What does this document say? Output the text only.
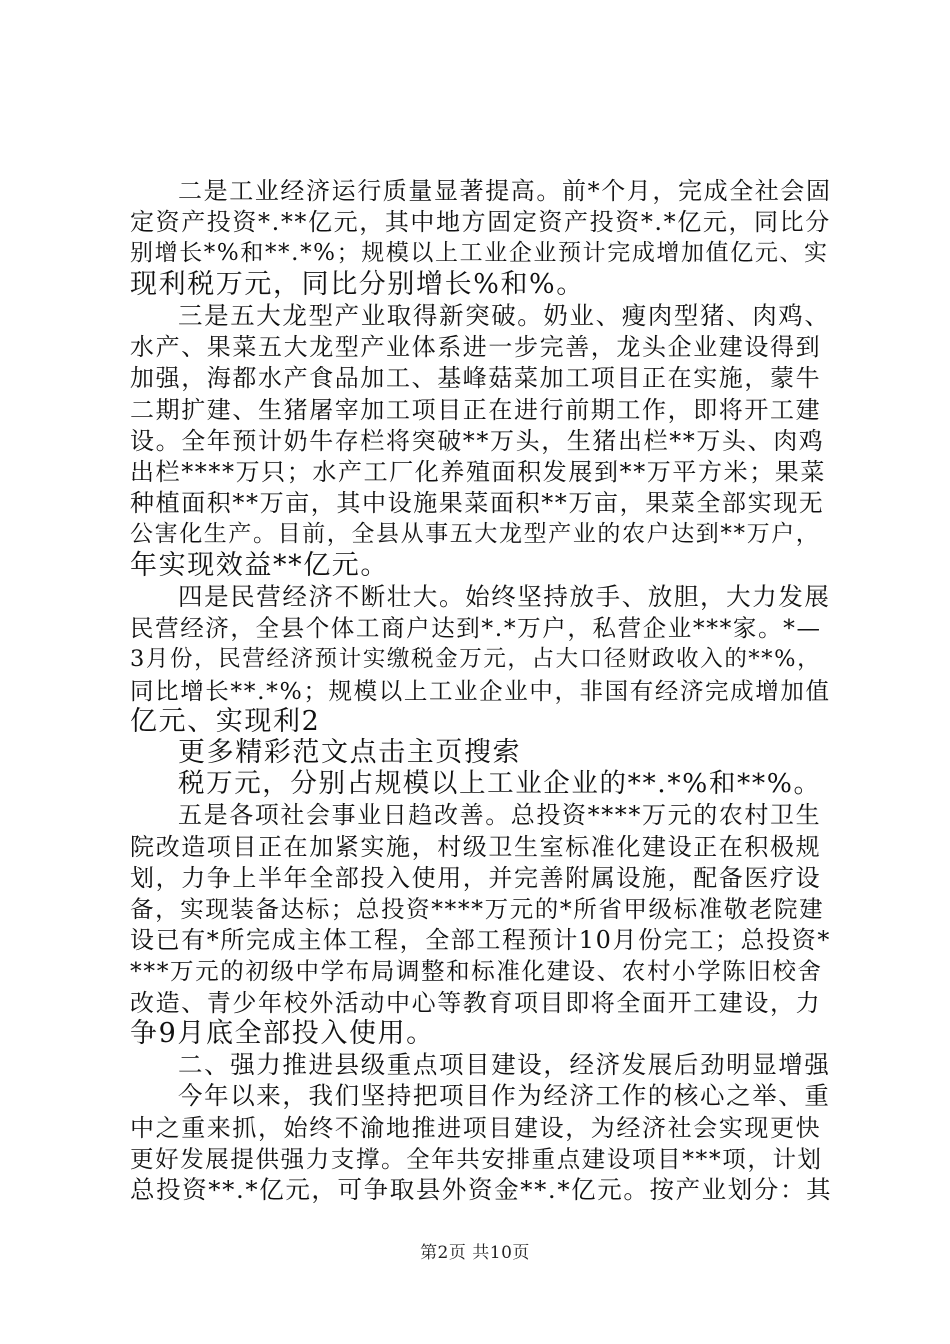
二是工业经济运行质量显著提高。前*个月，完成全社会固
定资产投资*.**亿元，其中地方固定资产投资*.*亿元，同比分
别增长*%和**.*%；规模以上工业企业预计完成增加值亿元、实
现利税万元，同比分别增长%和%。
三是五大龙型产业取得新突破。奶业、瘦肉型猪、肉鸡、
水产、果菜五大龙型产业体系进一步完善，龙头企业建设得到
加强，海都水产食品加工、基峰菇菜加工项目正在实施，蒙牛
二期扩建、生猪屠宰加工项目正在进行前期工作，即将开工建
设。全年预计奶牛存栏将突破**万头，生猪出栏**万头、肉鸡
出栏****万只；水产工厂化养殖面积发展到**万平方米；果菜
种植面积**万亩，其中设施果菜面积**万亩，果菜全部实现无
公害化生产。目前，全县从事五大龙型产业的农户达到**万户，
年实现效益**亿元。
四是民营经济不断壮大。始终坚持放手、放胆，大力发展
民营经济，全县个体工商户达到*.*万户，私营企业***家。*—
3月份，民营经济预计实缴税金万元，占大口径财政收入的**%，
同比增长**.*%；规模以上工业企业中，非国有经济完成增加值
亿元、实现利2
更多精彩范文点击主页搜索
税万元，分别占规模以上工业企业的**.*%和**%。
五是各项社会事业日趋改善。总投资****万元的农村卫生
院改造项目正在加紧实施，村级卫生室标准化建设正在积极规
划，力争上半年全部投入使用，并完善附属设施，配备医疗设
备，实现装备达标；总投资****万元的*所省甲级标准敬老院建
设已有*所完成主体工程，全部工程预计10月份完工；总投资*
***万元的初级中学布局调整和标准化建设、农村小学陈旧校舍
改造、青少年校外活动中心等教育项目即将全面开工建设，力
争9月底全部投入使用。
二、强力推进县级重点项目建设，经济发展后劲明显增强
今年以来，我们坚持把项目作为经济工作的核心之举、重
中之重来抓，始终不渝地推进项目建设，为经济社会实现更快
更好发展提供强力支撑。全年共安排重点建设项目***项，计划
总投资**.*亿元，可争取县外资金**.*亿元。按产业划分：其
第2页 共10页
